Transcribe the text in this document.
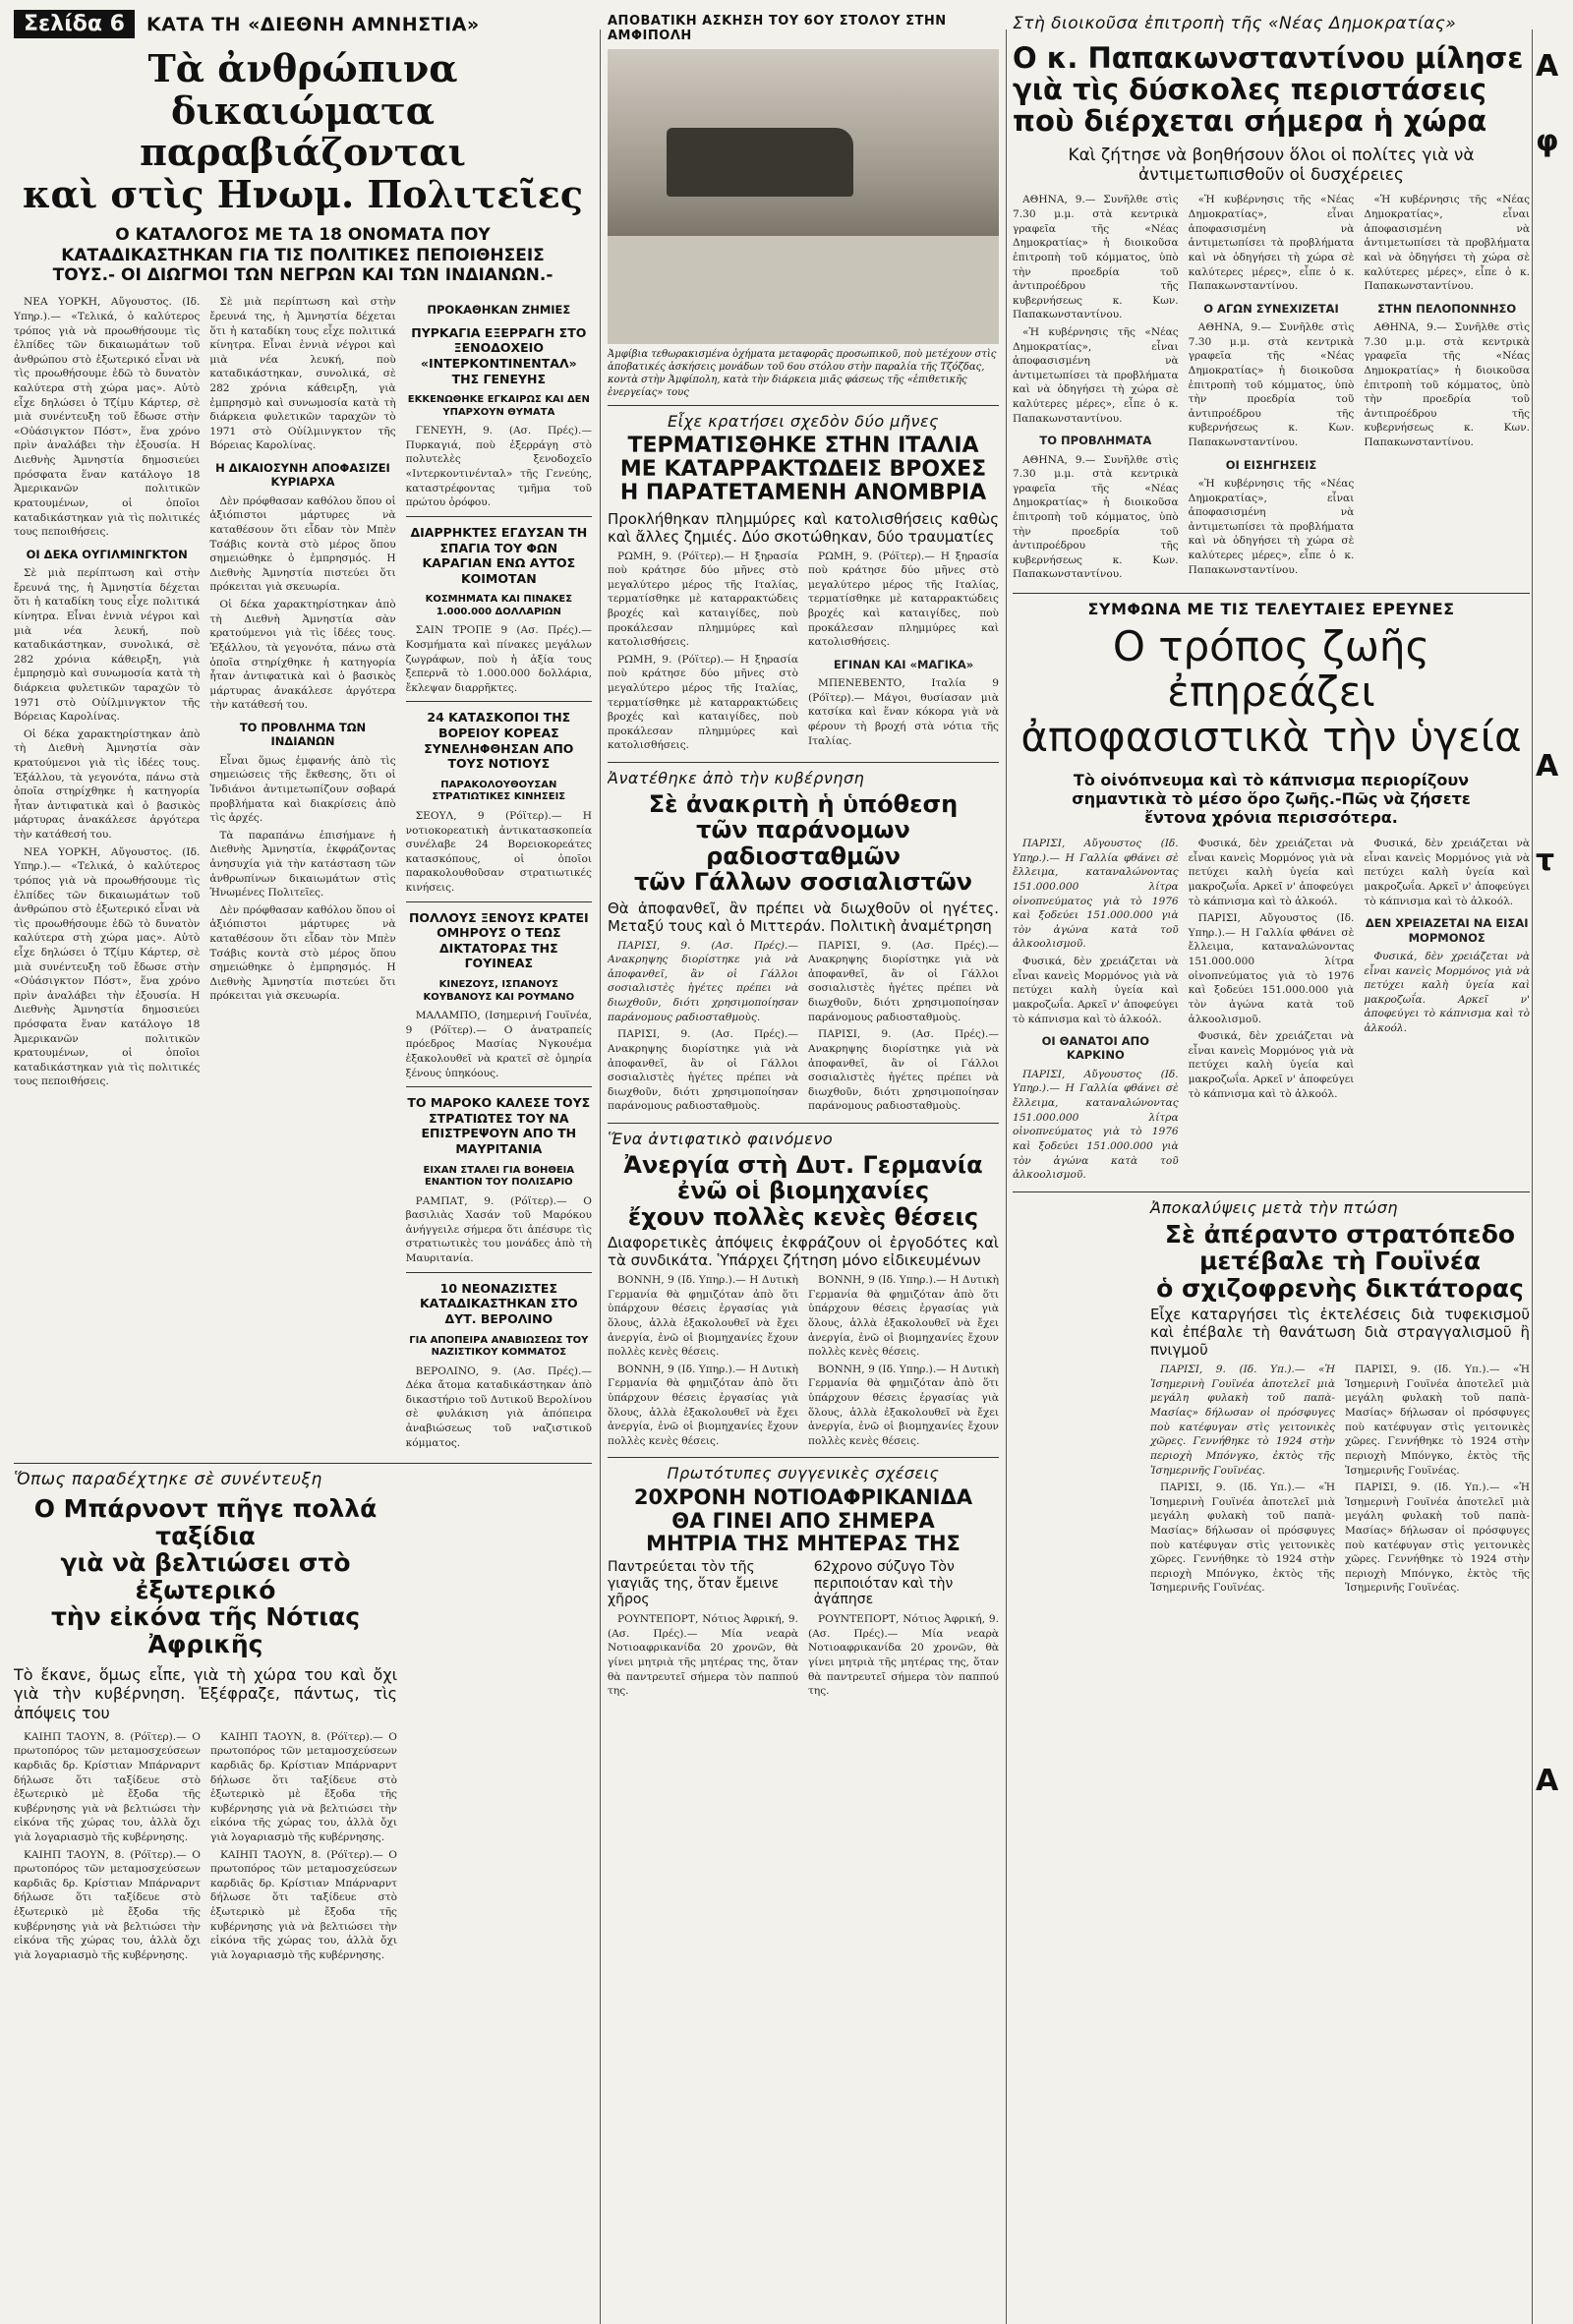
Σελίδα 6	ΚΑΤΑ ΤΗ «ΔΙΕΘΝΗ ΑΜΝΗΣΤΙΑ»
Τὰ ἀνθρώπινα δικαιώματα
παραβιάζονται
καὶ στὶς Ηνωμ. Πολιτεῖες

Ο ΚΑΤΑΛΟΓΟΣ ΜΕ ΤΑ 18 ΟΝΟΜΑΤΑ ΠΟΥ ΚΑΤΑΔΙΚΑΣΤΗΚΑΝ ΓΙΑ ΤΙΣ ΠΟΛΙΤΙΚΕΣ ΠΕΠΟΙΘΗΣΕΙΣ ΤΟΥΣ.- ΟΙ ΔΙΩΓΜΟΙ ΤΩΝ ΝΕΓΡΩΝ ΚΑΙ ΤΩΝ ΙΝΔΙΑΝΩΝ.-

ΝΕΑ ΥΟΡΚΗ, Αὔγουστος. (Ιδ. Υπηρ.).— «Τελικά, ὁ καλύτερος τρόπος γιὰ νὰ προωθήσουμε τὶς ἐλπίδες τῶν δικαιωμάτων τοῦ ἀνθρώπου στὸ ἐξωτερικό εἶναι νὰ τὶς προωθήσουμε ἐδῶ τὸ δυνατὸν καλύτερα στὴ χώρα μας». Αὐτὸ εἶχε δηλώσει ὁ Τζίμυ Κάρτερ, σὲ μιὰ συνέντευξη τοῦ ἔδωσε στὴν «Οὐάσιγκτον Πόστ», ἕνα χρόνο πρὶν ἀναλάβει τὴν ἐξουσία. Η Διεθνὴς Ἀμνηστία δημοσιεύει πρόσφατα ἕναν κατάλογο 18 Ἀμερικανῶν πολιτικῶν κρατουμένων, οἱ ὁποῖοι καταδικάστηκαν γιὰ τὶς πολιτικές τους πεποιθήσεις.

ΟΙ ΔΕΚΑ ΟΥΓΙΛΜΙΝΓΚΤΟΝ

Σὲ μιὰ περίπτωση καὶ στὴν ἔρευνά της, ἡ Ἀμνηστία δέχεται ὅτι ἡ καταδίκη τους εἶχε πολιτικά κίνητρα. Εἶναι ἑννιὰ νέγροι καὶ μιὰ νέα λευκή, ποὺ καταδικάστηκαν, συνολικά, σὲ 282 χρόνια κάθειρξη, γιὰ ἐμπρησμὸ καὶ συνωμοσία κατὰ τὴ διάρκεια φυλετικῶν ταραχῶν τὸ 1971 στὸ Οὐίλμινγκτον τῆς Βόρειας Καρολίνας.

Οἱ δέκα χαρακτηρίστηκαν ἀπὸ τὴ Διεθνὴ Ἀμνηστία σὰν κρατούμενοι γιὰ τὶς ἰδέες τους. Ἐξάλλου, τὰ γεγονότα, πάνω στὰ ὁποῖα στηρίχθηκε ἡ κατηγορία ἦταν ἀντιφατικὰ καὶ ὁ βασικὸς μάρτυρας ἀνακάλεσε ἀργότερα τὴν κατάθεσή του.

ΝΕΑ ΥΟΡΚΗ, Αὔγουστος. (Ιδ. Υπηρ.).— «Τελικά, ὁ καλύτερος τρόπος γιὰ νὰ προωθήσουμε τὶς ἐλπίδες τῶν δικαιωμάτων τοῦ ἀνθρώπου στὸ ἐξωτερικό εἶναι νὰ τὶς προωθήσουμε ἐδῶ τὸ δυνατὸν καλύτερα στὴ χώρα μας». Αὐτὸ εἶχε δηλώσει ὁ Τζίμυ Κάρτερ, σὲ μιὰ συνέντευξη τοῦ ἔδωσε στὴν «Οὐάσιγκτον Πόστ», ἕνα χρόνο πρὶν ἀναλάβει τὴν ἐξουσία. Η Διεθνὴς Ἀμνηστία δημοσιεύει πρόσφατα ἕναν κατάλογο 18 Ἀμερικανῶν πολιτικῶν κρατουμένων, οἱ ὁποῖοι καταδικάστηκαν γιὰ τὶς πολιτικές τους πεποιθήσεις.

Σὲ μιὰ περίπτωση καὶ στὴν ἔρευνά της, ἡ Ἀμνηστία δέχεται ὅτι ἡ καταδίκη τους εἶχε πολιτικά κίνητρα. Εἶναι ἑννιὰ νέγροι καὶ μιὰ νέα λευκή, ποὺ καταδικάστηκαν, συνολικά, σὲ 282 χρόνια κάθειρξη, γιὰ ἐμπρησμὸ καὶ συνωμοσία κατὰ τὴ διάρκεια φυλετικῶν ταραχῶν τὸ 1971 στὸ Οὐίλμινγκτον τῆς Βόρειας Καρολίνας.

Η ΔΙΚΑΙΟΣΥΝΗ ΑΠΟΦΑΣΙΖΕΙ ΚΥΡΙΑΡΧΑ

Δὲν πρόφθασαν καθόλου ὅπου οἱ ἀξιόπιστοι μάρτυρες νὰ καταθέσουν ὅτι εἶδαν τὸν Μπὲν Τσάβις κοντὰ στὸ μέρος ὅπου σημειώθηκε ὁ ἐμπρησμός. Η Διεθνὴς Ἀμνηστία πιστεύει ὅτι πρόκειται γιὰ σκευωρία.

Οἱ δέκα χαρακτηρίστηκαν ἀπὸ τὴ Διεθνὴ Ἀμνηστία σὰν κρατούμενοι γιὰ τὶς ἰδέες τους. Ἐξάλλου, τὰ γεγονότα, πάνω στὰ ὁποῖα στηρίχθηκε ἡ κατηγορία ἦταν ἀντιφατικὰ καὶ ὁ βασικὸς μάρτυρας ἀνακάλεσε ἀργότερα τὴν κατάθεσή του.

ΤΟ ΠΡΟΒΛΗΜΑ ΤΩΝ ΙΝΔΙΑΝΩΝ

Εἶναι ὅμως ἐμφανής ἀπὸ τὶς σημειώσεις τῆς ἔκθεσης, ὅτι οἱ Ἰνδιάνοι ἀντιμετωπίζουν σοβαρά προβλήματα καὶ διακρίσεις ἀπὸ τὶς ἀρχές.

Τὰ παραπάνω ἐπισήμανε ἡ Διεθνὴς Ἀμνηστία, ἐκφράζοντας ἀνησυχία γιὰ τὴν κατάσταση τῶν ἀνθρωπίνων δικαιωμάτων στὶς Ἡνωμένες Πολιτεῖες.

Δὲν πρόφθασαν καθόλου ὅπου οἱ ἀξιόπιστοι μάρτυρες νὰ καταθέσουν ὅτι εἶδαν τὸν Μπὲν Τσάβις κοντὰ στὸ μέρος ὅπου σημειώθηκε ὁ ἐμπρησμός. Η Διεθνὴς Ἀμνηστία πιστεύει ὅτι πρόκειται γιὰ σκευωρία.

ΠΡΟΚΑΘΗΚΑΝ ΖΗΜΙΕΣ
ΠΥΡΚΑΓΙΑ ΕΞΕΡΡΑΓΗ ΣΤΟ ΞΕΝΟΔΟΧΕΙΟ «ΙΝΤΕΡΚΟΝΤΙΝΕΝΤΑΛ» ΤΗΣ ΓΕΝΕΥΗΣ
ΕΚΚΕΝΩΘΗΚΕ ΕΓΚΑΙΡΩΣ ΚΑΙ ΔΕΝ ΥΠΑΡΧΟΥΝ ΘΥΜΑΤΑ

ΓΕΝΕΥΗ, 9. (Ασ. Πρές).— Πυρκαγιά, ποὺ ἐξερράγη στὸ πολυτελὲς ξενοδοχεῖο «Ιντερκοντινένταλ» τῆς Γενεύης, καταστρέφοντας τμῆμα τοῦ πρώτου ὀρόφου.

ΔΙΑΡΡΗΚΤΕΣ ΕΓΔΥΣΑΝ ΤΗ ΣΠΑΓΙΑ ΤΟΥ ΦΩΝ ΚΑΡΑΓΙΑΝ ΕΝΩ ΑΥΤΟΣ ΚΟΙΜΟΤΑΝ
ΚΟΣΜΗΜΑΤΑ ΚΑΙ ΠΙΝΑΚΕΣ 1.000.000 ΔΟΛΛΑΡΙΩΝ

ΣΑΙΝ ΤΡΟΠΕ 9 (Ασ. Πρές).— Κοσμήματα καὶ πίνακες μεγάλων ζωγράφων, ποὺ ἡ ἀξία τους ξεπερνᾶ τὸ 1.000.000 δολλάρια, ἔκλεψαν διαρρῆκτες.

24 ΚΑΤΑΣΚΟΠΟΙ ΤΗΣ ΒΟΡΕΙΟΥ ΚΟΡΕΑΣ ΣΥΝΕΛΗΦΘΗΣΑΝ ΑΠΟ ΤΟΥΣ ΝΟΤΙΟΥΣ
ΠΑΡΑΚΟΛΟΥΘΟΥΣΑΝ ΣΤΡΑΤΙΩΤΙΚΕΣ ΚΙΝΗΣΕΙΣ

ΣΕΟΥΛ, 9 (Ρόϊτερ).— Η νοτιοκορεατικὴ ἀντικατασκοπεία συνέλαβε 24 Βορειοκορεάτες κατασκόπους, οἱ ὁποῖοι παρακολουθοῦσαν στρατιωτικές κινήσεις.

ΠΟΛΛΟΥΣ ΞΕΝΟΥΣ ΚΡΑΤΕΙ ΟΜΗΡΟΥΣ Ο ΤΕΩΣ ΔΙΚΤΑΤΟΡΑΣ ΤΗΣ ΓΟΥΙΝΕΑΣ
ΚΙΝΕΖΟΥΣ, ΙΣΠΑΝΟΥΣ ΚΟΥΒΑΝΟΥΣ ΚΑΙ ΡΟΥΜΑΝΟ

ΜΑΛΑΜΠΟ, (Ισημερινή Γουϊνέα, 9 (Ρόϊτερ).— Ο ἀνατραπείς πρόεδρος Μασίας Νγκουέμα ἐξακολουθεῖ νὰ κρατεῖ σὲ ὁμηρία ξένους ὑπηκόους.

ΤΟ ΜΑΡΟΚΟ ΚΑΛΕΣΕ ΤΟΥΣ ΣΤΡΑΤΙΩΤΕΣ ΤΟΥ ΝΑ ΕΠΙΣΤΡΕΨΟΥΝ ΑΠΟ ΤΗ ΜΑΥΡΙΤΑΝΙΑ
ΕΙΧΑΝ ΣΤΑΛΕΙ ΓΙΑ ΒΟΗΘΕΙΑ ΕΝΑΝΤΙΟΝ ΤΟΥ ΠΟΛΙΣΑΡΙΟ

ΡΑΜΠΑΤ, 9. (Ρόϊτερ).— Ο βασιλιὰς Χασάν τοῦ Μαρόκου ἀνήγγειλε σήμερα ὅτι ἀπέσυρε τὶς στρατιωτικὲς του μονάδες ἀπὸ τὴ Μαυριτανία.

10 ΝΕΟΝΑΖΙΣΤΕΣ ΚΑΤΑΔΙΚΑΣΤΗΚΑΝ ΣΤΟ ΔΥΤ. ΒΕΡΟΛΙΝΟ
ΓΙΑ ΑΠΟΠΕΙΡΑ ΑΝΑΒΙΩΣΕΩΣ ΤΟΥ ΝΑΖΙΣΤΙΚΟΥ ΚΟΜΜΑΤΟΣ

ΒΕΡΟΛΙΝΟ, 9. (Ασ. Πρές).— Δέκα ἄτομα καταδικάστηκαν ἀπὸ δικαστήριο τοῦ Δυτικοῦ Βερολίνου σὲ φυλάκιση γιὰ ἀπόπειρα ἀναβιώσεως τοῦ ναζιστικοῦ κόμματος.

Ὅπως παραδέχτηκε σὲ συνέντευξη
Ο Μπάρνοντ πῆγε πολλά ταξίδια
γιὰ νὰ βελτιώσει στὸ ἐξωτερικό
τὴν εἰκόνα τῆς Νότιας Ἀφρικῆς

Τὸ ἔκανε, ὅμως εἶπε, γιὰ τὴ χώρα του καὶ ὄχι γιὰ τὴν κυβέρνηση. Ἐξέφραζε, πάντως, τὶς ἀπόψεις του

ΚΑΙΗΠ ΤΑΟΥΝ, 8. (Ρόϊτερ).— Ο πρωτοπόρος τῶν μεταμοσχεύσεων καρδιᾶς δρ. Κρίστιαν Μπάρναρντ δήλωσε ὅτι ταξίδευε στὸ ἐξωτερικὸ μὲ ἔξοδα τῆς κυβέρνησης γιὰ νὰ βελτιώσει τὴν εἰκόνα τῆς χώρας του, ἀλλὰ ὄχι γιὰ λογαριασμὸ τῆς κυβέρνησης.

ΚΑΙΗΠ ΤΑΟΥΝ, 8. (Ρόϊτερ).— Ο πρωτοπόρος τῶν μεταμοσχεύσεων καρδιᾶς δρ. Κρίστιαν Μπάρναρντ δήλωσε ὅτι ταξίδευε στὸ ἐξωτερικὸ μὲ ἔξοδα τῆς κυβέρνησης γιὰ νὰ βελτιώσει τὴν εἰκόνα τῆς χώρας του, ἀλλὰ ὄχι γιὰ λογαριασμὸ τῆς κυβέρνησης.

ΚΑΙΗΠ ΤΑΟΥΝ, 8. (Ρόϊτερ).— Ο πρωτοπόρος τῶν μεταμοσχεύσεων καρδιᾶς δρ. Κρίστιαν Μπάρναρντ δήλωσε ὅτι ταξίδευε στὸ ἐξωτερικὸ μὲ ἔξοδα τῆς κυβέρνησης γιὰ νὰ βελτιώσει τὴν εἰκόνα τῆς χώρας του, ἀλλὰ ὄχι γιὰ λογαριασμὸ τῆς κυβέρνησης.

ΚΑΙΗΠ ΤΑΟΥΝ, 8. (Ρόϊτερ).— Ο πρωτοπόρος τῶν μεταμοσχεύσεων καρδιᾶς δρ. Κρίστιαν Μπάρναρντ δήλωσε ὅτι ταξίδευε στὸ ἐξωτερικὸ μὲ ἔξοδα τῆς κυβέρνησης γιὰ νὰ βελτιώσει τὴν εἰκόνα τῆς χώρας του, ἀλλὰ ὄχι γιὰ λογαριασμὸ τῆς κυβέρνησης.

ΑΠΟΒΑΤΙΚΗ ΑΣΚΗΣΗ ΤΟΥ 6ΟΥ ΣΤΟΛΟΥ ΣΤΗΝ ΑΜΦΙΠΟΛΗ
Ἀμφίβια τεθωρακισμένα ὀχήματα μεταφορᾶς προσωπικοῦ, ποὺ μετέχουν στὶς ἀποβατικές ἀσκήσεις μονάδων τοῦ 6ου στόλου στὴν παραλία τῆς Τζόζδας, κοντὰ στὴν Ἀμφίπολη, κατὰ τὴν διάρκεια μιᾶς φάσεως τῆς «ἐπιθετικῆς ἐνεργείας» τους
Εἶχε κρατήσει σχεδὸν δύο μῆνες
ΤΕΡΜΑΤΙΣΘΗΚΕ ΣΤΗΝ ΙΤΑΛΙΑ
ΜΕ ΚΑΤΑΡΡΑΚΤΩΔΕΙΣ ΒΡΟΧΕΣ
Η ΠΑΡΑΤΕΤΑΜΕΝΗ ΑΝΟΜΒΡΙΑ

Προκλήθηκαν πλημμύρες καὶ κατολισθήσεις καθὼς καὶ ἄλλες ζημιές. Δύο σκοτώθηκαν, δύο τραυματίες

ΡΩΜΗ, 9. (Ρόϊτερ).— Η ξηρασία ποὺ κράτησε δύο μῆνες στὸ μεγαλύτερο μέρος τῆς Ιταλίας, τερματίσθηκε μὲ καταρρακτώδεις βροχές καὶ καταιγίδες, ποὺ προκάλεσαν πλημμύρες καὶ κατολισθήσεις.

ΡΩΜΗ, 9. (Ρόϊτερ).— Η ξηρασία ποὺ κράτησε δύο μῆνες στὸ μεγαλύτερο μέρος τῆς Ιταλίας, τερματίσθηκε μὲ καταρρακτώδεις βροχές καὶ καταιγίδες, ποὺ προκάλεσαν πλημμύρες καὶ κατολισθήσεις.

ΡΩΜΗ, 9. (Ρόϊτερ).— Η ξηρασία ποὺ κράτησε δύο μῆνες στὸ μεγαλύτερο μέρος τῆς Ιταλίας, τερματίσθηκε μὲ καταρρακτώδεις βροχές καὶ καταιγίδες, ποὺ προκάλεσαν πλημμύρες καὶ κατολισθήσεις.

ΕΓΙΝΑΝ ΚΑΙ «ΜΑΓΙΚΑ»

ΜΠΕΝΕΒΕΝΤΟ, Ιταλία 9 (Ρόϊτερ).— Μάγοι, θυσίασαν μιὰ κατσίκα καὶ ἕναν κόκορα γιὰ νὰ φέρουν τὴ βροχή στὰ νότια τῆς Ιταλίας.

Ἀνατέθηκε ἀπὸ τὴν κυβέρνηση
Σὲ ἀνακριτὴ ἡ ὑπόθεση
τῶν παράνομων ραδιοσταθμῶν
τῶν Γάλλων σοσιαλιστῶν

Θὰ ἀποφανθεῖ, ἂν πρέπει νὰ διωχθοῦν οἱ ηγέτες. Μεταξύ τους καὶ ὁ Μιττεράν. Πολιτικὴ ἀναμέτρηση

ΠΑΡΙΣΙ, 9. (Ασ. Πρές).— Ανακρηψης διορίστηκε γιὰ νὰ ἀποφανθεῖ, ἂν οἱ Γάλλοι σοσιαλιστὲς ἡγέτες πρέπει νὰ διωχθοῦν, διότι χρησιμοποίησαν παράνομους ραδιοσταθμοὺς.

ΠΑΡΙΣΙ, 9. (Ασ. Πρές).— Ανακρηψης διορίστηκε γιὰ νὰ ἀποφανθεῖ, ἂν οἱ Γάλλοι σοσιαλιστὲς ἡγέτες πρέπει νὰ διωχθοῦν, διότι χρησιμοποίησαν παράνομους ραδιοσταθμοὺς.

ΠΑΡΙΣΙ, 9. (Ασ. Πρές).— Ανακρηψης διορίστηκε γιὰ νὰ ἀποφανθεῖ, ἂν οἱ Γάλλοι σοσιαλιστὲς ἡγέτες πρέπει νὰ διωχθοῦν, διότι χρησιμοποίησαν παράνομους ραδιοσταθμοὺς.

ΠΑΡΙΣΙ, 9. (Ασ. Πρές).— Ανακρηψης διορίστηκε γιὰ νὰ ἀποφανθεῖ, ἂν οἱ Γάλλοι σοσιαλιστὲς ἡγέτες πρέπει νὰ διωχθοῦν, διότι χρησιμοποίησαν παράνομους ραδιοσταθμοὺς.

Ἕνα ἀντιφατικὸ φαινόμενο
Ἀνεργία στὴ Δυτ. Γερμανία
ἐνῶ οἱ βιομηχανίες
ἔχουν πολλὲς κενὲς θέσεις

Διαφορετικὲς ἀπόψεις ἐκφράζουν οἱ ἐργοδότες καὶ τὰ συνδικάτα. Ὑπάρχει ζήτηση μόνο εἰδικευμένων

ΒΟΝΝΗ, 9 (Ιδ. Υπηρ.).— Η Δυτικὴ Γερμανία θὰ φημιζόταν ἀπὸ ὅτι ὑπάρχουν θέσεις ἐργασίας γιὰ ὅλους, ἀλλὰ ἐξακολουθεῖ νὰ ἔχει ἀνεργία, ἐνῶ οἱ βιομηχανίες ἔχουν πολλὲς κενὲς θέσεις.

ΒΟΝΝΗ, 9 (Ιδ. Υπηρ.).— Η Δυτικὴ Γερμανία θὰ φημιζόταν ἀπὸ ὅτι ὑπάρχουν θέσεις ἐργασίας γιὰ ὅλους, ἀλλὰ ἐξακολουθεῖ νὰ ἔχει ἀνεργία, ἐνῶ οἱ βιομηχανίες ἔχουν πολλὲς κενὲς θέσεις.

ΒΟΝΝΗ, 9 (Ιδ. Υπηρ.).— Η Δυτικὴ Γερμανία θὰ φημιζόταν ἀπὸ ὅτι ὑπάρχουν θέσεις ἐργασίας γιὰ ὅλους, ἀλλὰ ἐξακολουθεῖ νὰ ἔχει ἀνεργία, ἐνῶ οἱ βιομηχανίες ἔχουν πολλὲς κενὲς θέσεις.

ΒΟΝΝΗ, 9 (Ιδ. Υπηρ.).— Η Δυτικὴ Γερμανία θὰ φημιζόταν ἀπὸ ὅτι ὑπάρχουν θέσεις ἐργασίας γιὰ ὅλους, ἀλλὰ ἐξακολουθεῖ νὰ ἔχει ἀνεργία, ἐνῶ οἱ βιομηχανίες ἔχουν πολλὲς κενὲς θέσεις.

Πρωτότυπες συγγενικὲς σχέσεις
20ΧΡΟΝΗ ΝΟΤΙΟΑΦΡΙΚΑΝΙΔΑ
ΘΑ ΓΙΝΕΙ ΑΠΟ ΣΗΜΕΡΑ
ΜΗΤΡΙΑ ΤΗΣ ΜΗΤΕΡΑΣ ΤΗΣ

Παντρεύεται τὸν τῆς γιαγιᾶς της, ὅταν ἔμεινε χῆρος

62χρονο σύζυγο Τὸν περιποιόταν καὶ τὴν ἀγάπησε

ΡΟΥΝΤΕΠΟΡΤ, Νότιος Ἀφρική, 9. (Ασ. Πρές).— Μία νεαρὰ Νοτιοαφρικανίδα 20 χρονῶν, θὰ γίνει μητριὰ τῆς μητέρας της, ὅταν θὰ παντρευτεῖ σήμερα τὸν παππού της.

ΡΟΥΝΤΕΠΟΡΤ, Νότιος Ἀφρική, 9. (Ασ. Πρές).— Μία νεαρὰ Νοτιοαφρικανίδα 20 χρονῶν, θὰ γίνει μητριὰ τῆς μητέρας της, ὅταν θὰ παντρευτεῖ σήμερα τὸν παππού της.

Στὴ διοικοῦσα ἐπιτροπὴ τῆς «Νέας Δημοκρατίας»
Ο κ. Παπακωνσταντίνου μίλησε
γιὰ τὶς δύσκολες περιστάσεις
ποὺ διέρχεται σήμερα ἡ χώρα

Καὶ ζήτησε νὰ βοηθήσουν ὅλοι οἱ πολίτες γιὰ νὰ ἀντιμετωπισθοῦν οἱ δυσχέρειες

ΑΘΗΝΑ, 9.— Συνῆλθε στὶς 7.30 μ.μ. στὰ κεντρικὰ γραφεῖα τῆς «Νέας Δημοκρατίας» ἡ διοικοῦσα ἐπιτροπὴ τοῦ κόμματος, ὑπὸ τὴν προεδρία τοῦ ἀντιπροέδρου τῆς κυβερνήσεως κ. Κων. Παπακωνσταντίνου.

«Ἡ κυβέρνησις τῆς «Νέας Δημοκρατίας», εἶναι ἀποφασισμένη νὰ ἀντιμετωπίσει τὰ προβλήματα καὶ νὰ ὁδηγήσει τὴ χώρα σὲ καλύτερες μέρες», εἶπε ὁ κ. Παπακωνσταντίνου.

ΤΟ ΠΡΟΒΛΗΜΑΤΑ

ΑΘΗΝΑ, 9.— Συνῆλθε στὶς 7.30 μ.μ. στὰ κεντρικὰ γραφεῖα τῆς «Νέας Δημοκρατίας» ἡ διοικοῦσα ἐπιτροπὴ τοῦ κόμματος, ὑπὸ τὴν προεδρία τοῦ ἀντιπροέδρου τῆς κυβερνήσεως κ. Κων. Παπακωνσταντίνου.

«Ἡ κυβέρνησις τῆς «Νέας Δημοκρατίας», εἶναι ἀποφασισμένη νὰ ἀντιμετωπίσει τὰ προβλήματα καὶ νὰ ὁδηγήσει τὴ χώρα σὲ καλύτερες μέρες», εἶπε ὁ κ. Παπακωνσταντίνου.

Ο ΑΓΩΝ ΣΥΝΕΧΙΖΕΤΑΙ

ΑΘΗΝΑ, 9.— Συνῆλθε στὶς 7.30 μ.μ. στὰ κεντρικὰ γραφεῖα τῆς «Νέας Δημοκρατίας» ἡ διοικοῦσα ἐπιτροπὴ τοῦ κόμματος, ὑπὸ τὴν προεδρία τοῦ ἀντιπροέδρου τῆς κυβερνήσεως κ. Κων. Παπακωνσταντίνου.

ΟΙ ΕΙΣΗΓΗΣΕΙΣ

«Ἡ κυβέρνησις τῆς «Νέας Δημοκρατίας», εἶναι ἀποφασισμένη νὰ ἀντιμετωπίσει τὰ προβλήματα καὶ νὰ ὁδηγήσει τὴ χώρα σὲ καλύτερες μέρες», εἶπε ὁ κ. Παπακωνσταντίνου.

«Ἡ κυβέρνησις τῆς «Νέας Δημοκρατίας», εἶναι ἀποφασισμένη νὰ ἀντιμετωπίσει τὰ προβλήματα καὶ νὰ ὁδηγήσει τὴ χώρα σὲ καλύτερες μέρες», εἶπε ὁ κ. Παπακωνσταντίνου.

ΣΤΗΝ ΠΕΛΟΠΟΝΝΗΣΟ

ΑΘΗΝΑ, 9.— Συνῆλθε στὶς 7.30 μ.μ. στὰ κεντρικὰ γραφεῖα τῆς «Νέας Δημοκρατίας» ἡ διοικοῦσα ἐπιτροπὴ τοῦ κόμματος, ὑπὸ τὴν προεδρία τοῦ ἀντιπροέδρου τῆς κυβερνήσεως κ. Κων. Παπακωνσταντίνου.

ΣΥΜΦΩΝΑ ΜΕ ΤΙΣ ΤΕΛΕΥΤΑΙΕΣ ΕΡΕΥΝΕΣ
Ο τρόπος ζωῆς ἐπηρεάζει
ἀποφασιστικὰ τὴν ὑγεία

Τὸ οἰνόπνευμα καὶ τὸ κάπνισμα περιορίζουν σημαντικὰ τὸ μέσο ὅρο ζωῆς.-Πῶς νὰ ζήσετε ἔντονα χρόνια περισσότερα.

ΠΑΡΙΣΙ, Αὔγουστος (Ιδ. Υπηρ.).— Η Γαλλία φθάνει σὲ ἔλλειμα, καταναλώνοντας 151.000.000 λίτρα οἰνοπνεύματος γιὰ τὸ 1976 καὶ ξοδεύει 151.000.000 γιὰ τὸν ἀγώνα κατὰ τοῦ ἀλκοολισμοῦ.

Φυσικά, δὲν χρειάζεται νὰ εἶναι κανεὶς Μορμόνος γιὰ νὰ πετύχει καλὴ ὑγεία καὶ μακροζωΐα. Αρκεῖ ν' ἀποφεύγει τὸ κάπνισμα καὶ τὸ ἀλκοόλ.

ΟΙ ΘΑΝΑΤΟΙ ΑΠΟ ΚΑΡΚΙΝΟ

ΠΑΡΙΣΙ, Αὔγουστος (Ιδ. Υπηρ.).— Η Γαλλία φθάνει σὲ ἔλλειμα, καταναλώνοντας 151.000.000 λίτρα οἰνοπνεύματος γιὰ τὸ 1976 καὶ ξοδεύει 151.000.000 γιὰ τὸν ἀγώνα κατὰ τοῦ ἀλκοολισμοῦ.

Φυσικά, δὲν χρειάζεται νὰ εἶναι κανεὶς Μορμόνος γιὰ νὰ πετύχει καλὴ ὑγεία καὶ μακροζωΐα. Αρκεῖ ν' ἀποφεύγει τὸ κάπνισμα καὶ τὸ ἀλκοόλ.

ΠΑΡΙΣΙ, Αὔγουστος (Ιδ. Υπηρ.).— Η Γαλλία φθάνει σὲ ἔλλειμα, καταναλώνοντας 151.000.000 λίτρα οἰνοπνεύματος γιὰ τὸ 1976 καὶ ξοδεύει 151.000.000 γιὰ τὸν ἀγώνα κατὰ τοῦ ἀλκοολισμοῦ.

Φυσικά, δὲν χρειάζεται νὰ εἶναι κανεὶς Μορμόνος γιὰ νὰ πετύχει καλὴ ὑγεία καὶ μακροζωΐα. Αρκεῖ ν' ἀποφεύγει τὸ κάπνισμα καὶ τὸ ἀλκοόλ.

Φυσικά, δὲν χρειάζεται νὰ εἶναι κανεὶς Μορμόνος γιὰ νὰ πετύχει καλὴ ὑγεία καὶ μακροζωΐα. Αρκεῖ ν' ἀποφεύγει τὸ κάπνισμα καὶ τὸ ἀλκοόλ.

ΔΕΝ ΧΡΕΙΑΖΕΤΑΙ ΝΑ ΕΙΣΑΙ ΜΟΡΜΟΝΟΣ

Φυσικά, δὲν χρειάζεται νὰ εἶναι κανεὶς Μορμόνος γιὰ νὰ πετύχει καλὴ ὑγεία καὶ μακροζωΐα. Αρκεῖ ν' ἀποφεύγει τὸ κάπνισμα καὶ τὸ ἀλκοόλ.

Ἀποκαλύψεις μετὰ τὴν πτώση
Σὲ ἀπέραντο στρατόπεδο
μετέβαλε τὴ Γουϊνέα
ὁ σχιζοφρενὴς δικτάτορας

Εἶχε καταργήσει τὶς ἐκτελέσεις διὰ τυφεκισμοῦ καὶ ἐπέβαλε τὴ θανάτωση διὰ στραγγαλισμοῦ ἢ πνιγμοῦ

ΠΑΡΙΣΙ, 9. (Ιδ. Υπ.).— «Ἡ Ἰσημερινὴ Γουϊνέα ἀποτελεῖ μιὰ μεγάλη φυλακὴ τοῦ παπὰ-Μασίας» δήλωσαν οἱ πρόσφυγες ποὺ κατέφυγαν στὶς γειτονικὲς χῶρες. Γεννήθηκε τὸ 1924 στὴν περιοχὴ Μπόνγκο, ἐκτὸς τῆς Ἰσημερινῆς Γουϊνέας.

ΠΑΡΙΣΙ, 9. (Ιδ. Υπ.).— «Ἡ Ἰσημερινὴ Γουϊνέα ἀποτελεῖ μιὰ μεγάλη φυλακὴ τοῦ παπὰ-Μασίας» δήλωσαν οἱ πρόσφυγες ποὺ κατέφυγαν στὶς γειτονικὲς χῶρες. Γεννήθηκε τὸ 1924 στὴν περιοχὴ Μπόνγκο, ἐκτὸς τῆς Ἰσημερινῆς Γουϊνέας.

ΠΑΡΙΣΙ, 9. (Ιδ. Υπ.).— «Ἡ Ἰσημερινὴ Γουϊνέα ἀποτελεῖ μιὰ μεγάλη φυλακὴ τοῦ παπὰ-Μασίας» δήλωσαν οἱ πρόσφυγες ποὺ κατέφυγαν στὶς γειτονικὲς χῶρες. Γεννήθηκε τὸ 1924 στὴν περιοχὴ Μπόνγκο, ἐκτὸς τῆς Ἰσημερινῆς Γουϊνέας.

ΠΑΡΙΣΙ, 9. (Ιδ. Υπ.).— «Ἡ Ἰσημερινὴ Γουϊνέα ἀποτελεῖ μιὰ μεγάλη φυλακὴ τοῦ παπὰ-Μασίας» δήλωσαν οἱ πρόσφυγες ποὺ κατέφυγαν στὶς γειτονικὲς χῶρες. Γεννήθηκε τὸ 1924 στὴν περιοχὴ Μπόνγκο, ἐκτὸς τῆς Ἰσημερινῆς Γουϊνέας.

Α
φ
Α
τ
Α
